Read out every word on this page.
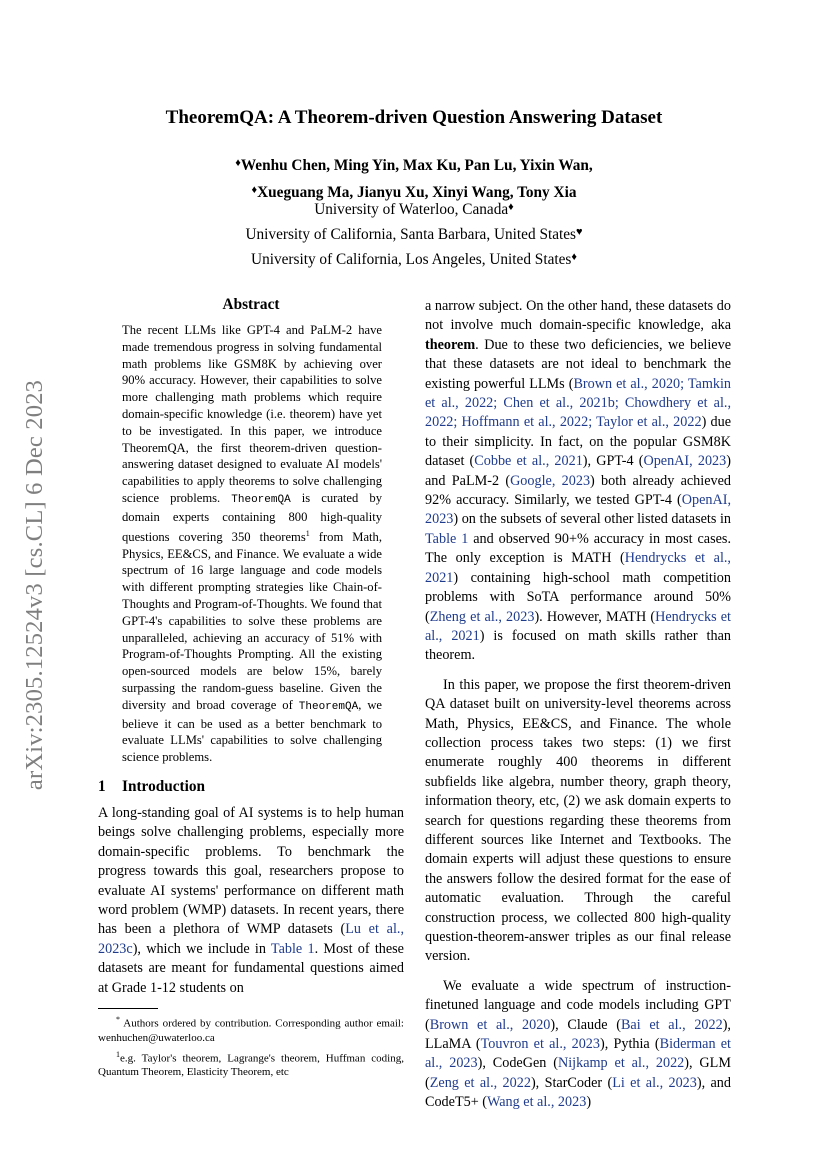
arXiv:2305.12524v3 [cs.CL] 6 Dec 2023
TheoremQA: A Theorem-driven Question Answering Dataset
♦Wenhu Chen, Ming Yin, Max Ku, Pan Lu, Yixin Wan,
♦Xueguang Ma, Jianyu Xu, Xinyi Wang, Tony Xia
University of Waterloo, Canada♦
University of California, Santa Barbara, United States♥
University of California, Los Angeles, United States♦
Abstract

The recent LLMs like GPT-4 and PaLM-2 have made tremendous progress in solving fundamental math problems like GSM8K by achieving over 90% accuracy. However, their capabilities to solve more challenging math problems which require domain-specific knowledge (i.e. theorem) have yet to be investigated. In this paper, we introduce TheoremQA, the first theorem-driven question-answering dataset designed to evaluate AI models' capabilities to apply theorems to solve challenging science problems. TheoremQA is curated by domain experts containing 800 high-quality questions covering 350 theorems$^1$ from Math, Physics, EE&CS, and Finance. We evaluate a wide spectrum of 16 large language and code models with different prompting strategies like Chain-of-Thoughts and Program-of-Thoughts. We found that GPT-4's capabilities to solve these problems are unparalleled, achieving an accuracy of 51% with Program-of-Thoughts Prompting. All the existing open-sourced models are below 15%, barely surpassing the random-guess baseline. Given the diversity and broad coverage of TheoremQA, we believe it can be used as a better benchmark to evaluate LLMs' capabilities to solve challenging science problems.

1 Introduction

A long-standing goal of AI systems is to help human beings solve challenging problems, especially more domain-specific problems. To benchmark the progress towards this goal, researchers propose to evaluate AI systems' performance on different math word problem (WMP) datasets. In recent years, there has been a plethora of WMP datasets (Lu et al., 2023c), which we include in Table 1. Most of these datasets are meant for fundamental questions aimed at Grade 1-12 students on

* Authors ordered by contribution. Corresponding author email: wenhuchen@uwaterloo.ca

$^1$e.g. Taylor's theorem, Lagrange's theorem, Huffman coding, Quantum Theorem, Elasticity Theorem, etc

a narrow subject. On the other hand, these datasets do not involve much domain-specific knowledge, aka theorem. Due to these two deficiencies, we believe that these datasets are not ideal to benchmark the existing powerful LLMs (Brown et al., 2020; Tamkin et al., 2022; Chen et al., 2021b; Chowdhery et al., 2022; Hoffmann et al., 2022; Taylor et al., 2022) due to their simplicity. In fact, on the popular GSM8K dataset (Cobbe et al., 2021), GPT-4 (OpenAI, 2023) and PaLM-2 (Google, 2023) both already achieved 92% accuracy. Similarly, we tested GPT-4 (OpenAI, 2023) on the subsets of several other listed datasets in Table 1 and observed 90+% accuracy in most cases. The only exception is MATH (Hendrycks et al., 2021) containing high-school math competition problems with SoTA performance around 50% (Zheng et al., 2023). However, MATH (Hendrycks et al., 2021) is focused on math skills rather than theorem.

In this paper, we propose the first theorem-driven QA dataset built on university-level theorems across Math, Physics, EE&CS, and Finance. The whole collection process takes two steps: (1) we first enumerate roughly 400 theorems in different subfields like algebra, number theory, graph theory, information theory, etc, (2) we ask domain experts to search for questions regarding these theorems from different sources like Internet and Textbooks. The domain experts will adjust these questions to ensure the answers follow the desired format for the ease of automatic evaluation. Through the careful construction process, we collected 800 high-quality question-theorem-answer triples as our final release version.

We evaluate a wide spectrum of instruction-finetuned language and code models including GPT (Brown et al., 2020), Claude (Bai et al., 2022), LLaMA (Touvron et al., 2023), Pythia (Biderman et al., 2023), CodeGen (Nijkamp et al., 2022), GLM (Zeng et al., 2022), StarCoder (Li et al., 2023), and CodeT5+ (Wang et al., 2023)
